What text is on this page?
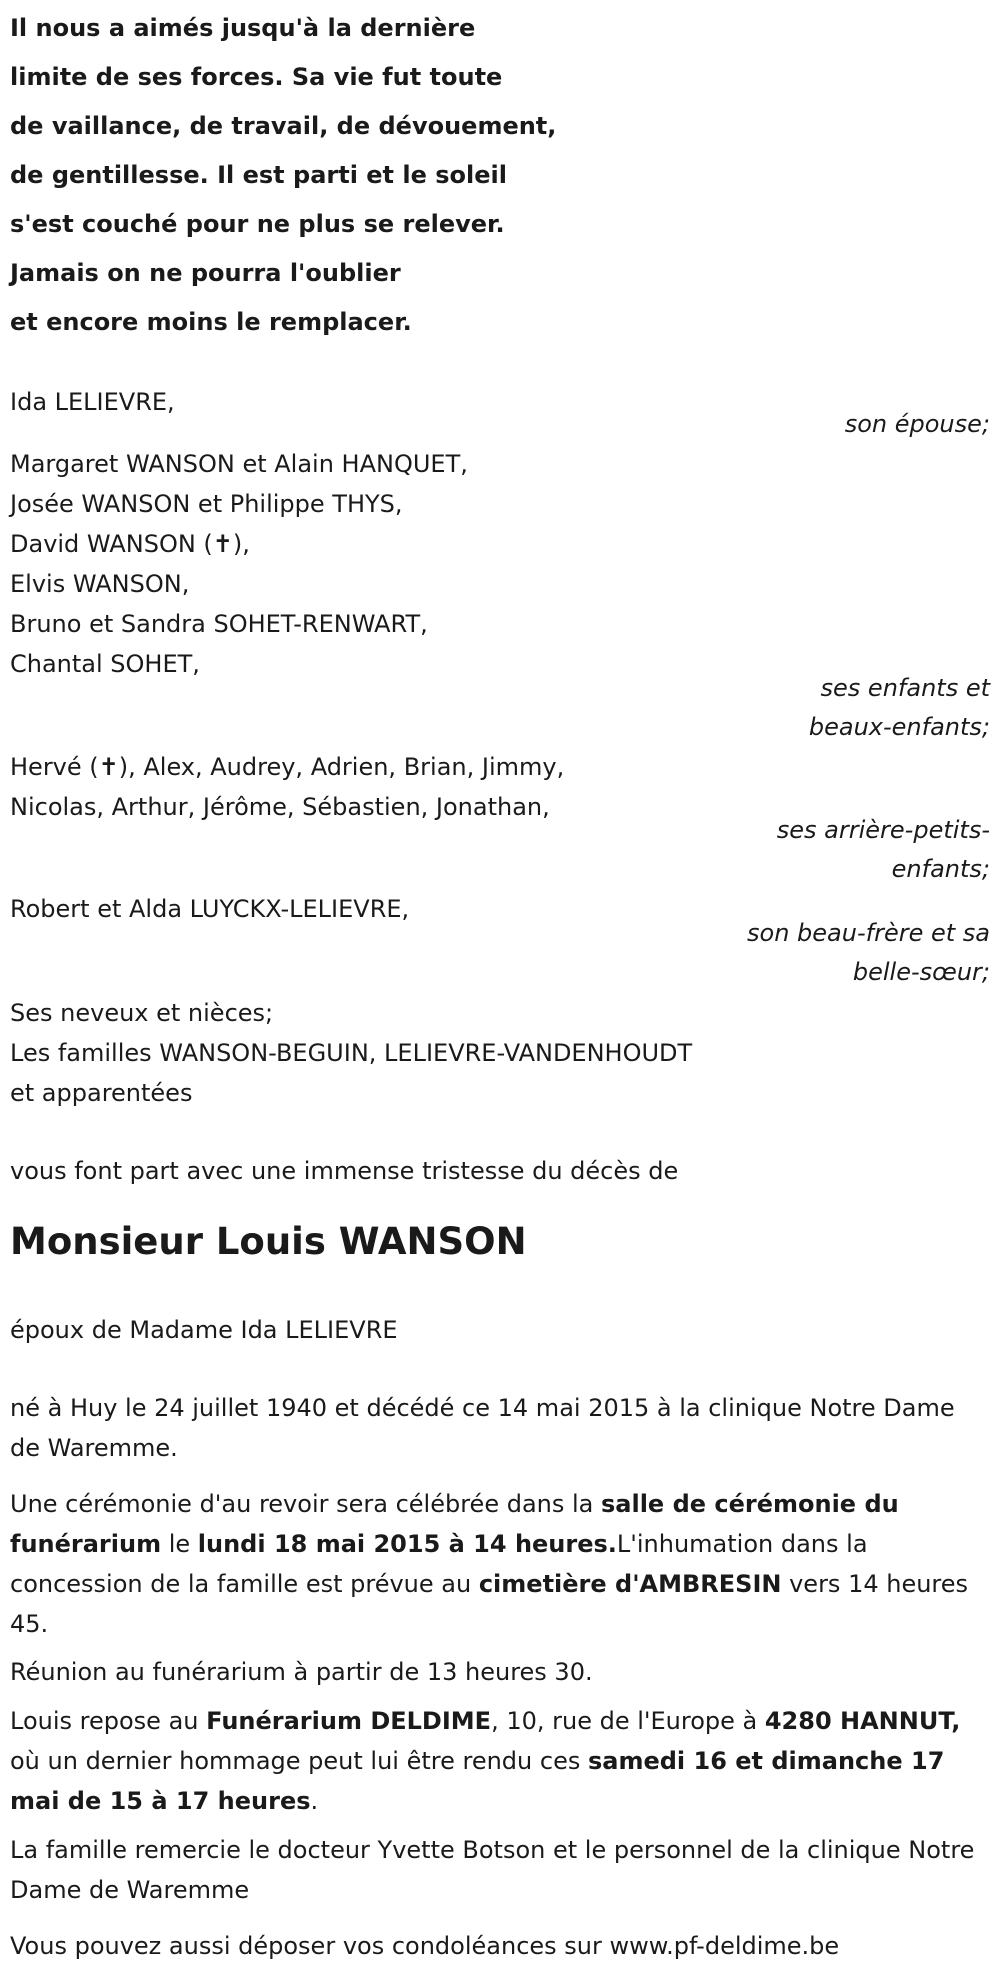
Il nous a aimés jusqu'à la dernière
limite de ses forces. Sa vie fut toute
de vaillance, de travail, de dévouement,
de gentillesse. Il est parti et le soleil
s'est couché pour ne plus se relever.
Jamais on ne pourra l'oublier
et encore moins le remplacer.
Ida LELIEVRE,
son épouse;
Margaret WANSON et Alain HANQUET,
Josée WANSON et Philippe THYS,
David WANSON (✝),
Elvis WANSON,
Bruno et Sandra SOHET-RENWART,
Chantal SOHET,
ses enfants et
beaux-enfants;
Hervé (✝), Alex, Audrey, Adrien, Brian, Jimmy,
Nicolas, Arthur, Jérôme, Sébastien, Jonathan,
ses arrière-petits-
enfants;
Robert et Alda LUYCKX-LELIEVRE,
son beau-frère et sa
belle-sœur;
Ses neveux et nièces;
Les familles WANSON-BEGUIN, LELIEVRE-VANDENHOUDT
et apparentées
vous font part avec une immense tristesse du décès de
Monsieur Louis WANSON
époux de Madame Ida LELIEVRE
né à Huy le 24 juillet 1940 et décédé ce 14 mai 2015 à la clinique Notre Dame de Waremme.
Une cérémonie d'au revoir sera célébrée dans la salle de cérémonie du funérarium le lundi 18 mai 2015 à 14 heures.L'inhumation dans la concession de la famille est prévue au cimetière d'AMBRESIN vers 14 heures 45.
Réunion au funérarium à partir de 13 heures 30.
Louis repose au Funérarium DELDIME, 10, rue de l'Europe à 4280 HANNUT, où un dernier hommage peut lui être rendu ces samedi 16 et dimanche 17 mai de 15 à 17 heures.
La famille remercie le docteur Yvette Botson et le personnel de la clinique Notre Dame de Waremme
Vous pouvez aussi déposer vos condoléances sur www.pf-deldime.be
